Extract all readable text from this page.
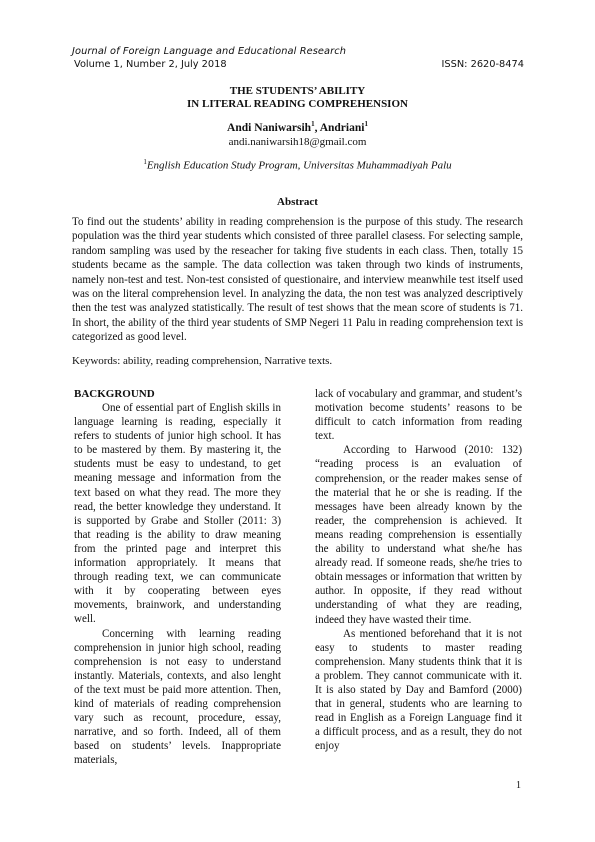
Journal of Foreign Language and Educational Research
Volume 1, Number 2, July 2018	ISSN: 2620-8474
THE STUDENTS’ ABILITY
IN LITERAL READING COMPREHENSION
Andi Naniwarsih$^1$, Andriani$^1$
andi.naniwarsih18@gmail.com
$^1$English Education Study Program, Universitas Muhammadiyah Palu
Abstract
To find out the students’ ability in reading comprehension is the purpose of this study. The research population was the third year students which consisted of three parallel clasess. For selecting sample, random sampling was used by the reseacher for taking five students in each class. Then, totally 15 students became as the sample. The data collection was taken through two kinds of instruments, namely non-test and test. Non-test consisted of questionaire, and interview meanwhile test itself used was on the literal comprehension level. In analyzing the data, the non test was analyzed descriptively then the test was analyzed statistically. The result of test shows that the mean score of students is 71. In short, the ability of the third year students of SMP Negeri 11 Palu in reading comprehension text is categorized as good level.
Keywords: ability, reading comprehension, Narrative texts.
BACKGROUND

One of essential part of English skills in language learning is reading, especially it refers to students of junior high school. It has to be mastered by them. By mastering it, the students must be easy to undestand, to get meaning message and information from the text based on what they read. The more they read, the better knowledge they understand. It is supported by Grabe and Stoller (2011: 3) that reading is the ability to draw meaning from the printed page and interpret this information appropriately. It means that through reading text, we can communicate with it by cooperating between eyes movements, brainwork, and understanding well.

Concerning with learning reading comprehension in junior high school, reading comprehension is not easy to understand instantly. Materials, contexts, and also lenght of the text must be paid more attention. Then, kind of materials of reading comprehension vary such as recount, procedure, essay, narrative, and so forth. Indeed, all of them based on students’ levels. Inappropriate materials,

lack of vocabulary and grammar, and student’s motivation become students’ reasons to be difficult to catch information from reading text.

According to Harwood (2010: 132) “reading process is an evaluation of comprehension, or the reader makes sense of the material that he or she is reading. If the messages have been already known by the reader, the comprehension is achieved. It means reading comprehension is essentially the ability to understand what she/he has already read. If someone reads, she/he tries to obtain messages or information that written by author. In opposite, if they read without understanding of what they are reading, indeed they have wasted their time.

As mentioned beforehand that it is not easy to students to master reading comprehension. Many students think that it is a problem. They cannot communicate with it. It is also stated by Day and Bamford (2000) that in general, students who are learning to read in English as a Foreign Language find it a difficult process, and as a result, they do not enjoy

1
